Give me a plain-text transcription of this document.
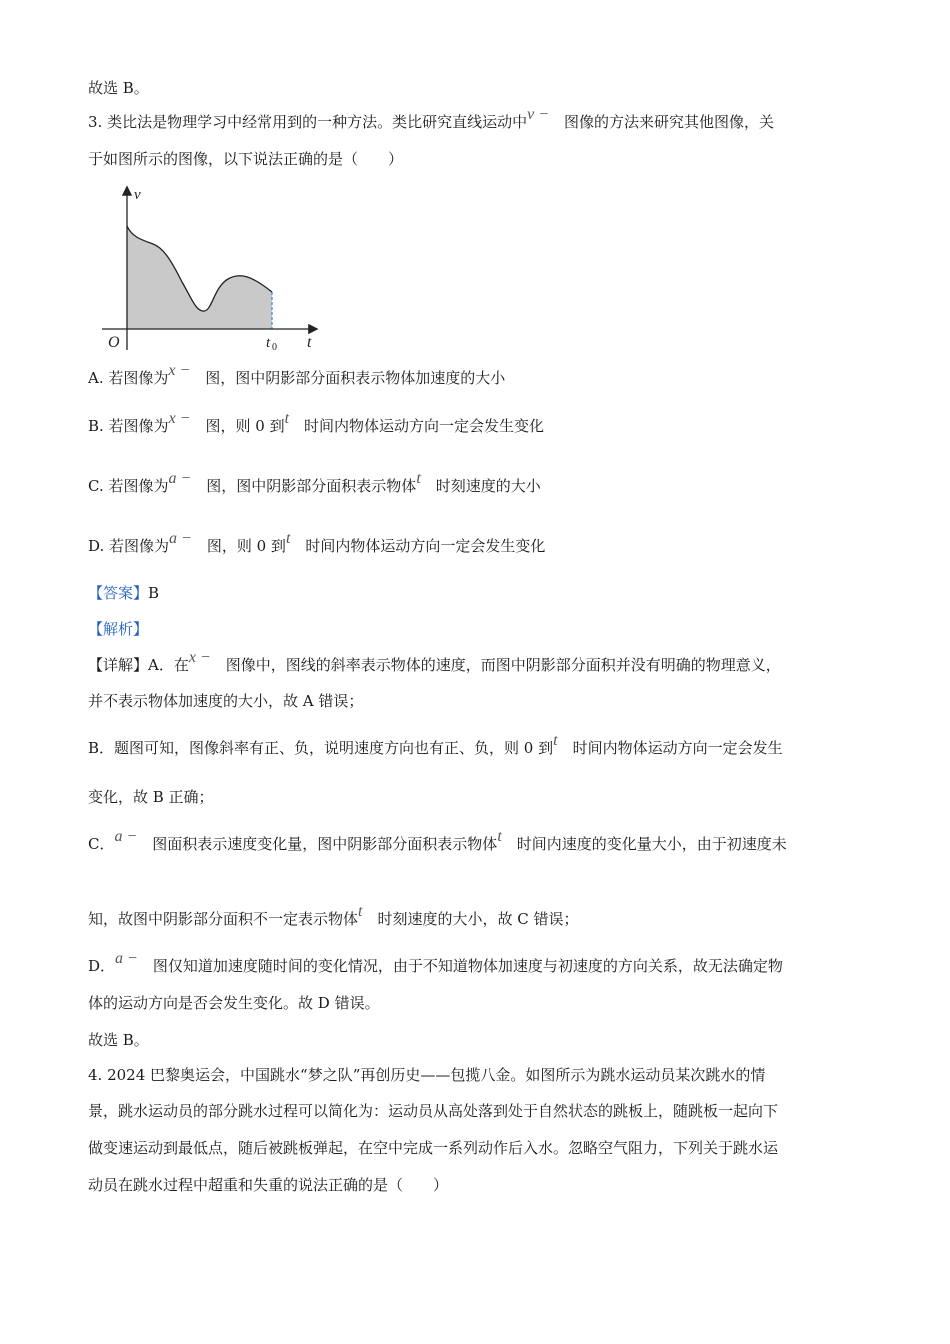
故选 B。
3. 类比法是物理学习中经常用到的一种方法。类比研究直线运动中v −　 图像的方法来研究其他图像，关
于如图所示的图像，以下说法正确的是（　　）
v
O	t
t 0
A. 若图像为x −　 图，图中阴影部分面积表示物体加速度的大小
B. 若图像为x −　 图，则 0 到t　 时间内物体运动方向一定会发生变化
C. 若图像为a −　 图，图中阴影部分面积表示物体t　 时刻速度的大小
D. 若图像为a −　 图，则 0 到t　 时间内物体运动方向一定会发生变化
【答案】B
【解析】
【详解】A．在x −　 图像中，图线的斜率表示物体的速度，而图中阴影部分面积并没有明确的物理意义，
并不表示物体加速度的大小，故 A 错误；
B．题图可知，图像斜率有正、负，说明速度方向也有正、负，则 0 到t　 时间内物体运动方向一定会发生
变化，故 B 正确；
C．a −　 图面积表示速度变化量，图中阴影部分面积表示物体t　 时间内速度的变化量大小，由于初速度未
知，故图中阴影部分面积不一定表示物体t　 时刻速度的大小，故 C 错误；
D．a −　 图仅知道加速度随时间的变化情况，由于不知道物体加速度与初速度的方向关系，故无法确定物
体的运动方向是否会发生变化。故 D 错误。
故选 B。
4. 2024 巴黎奥运会，中国跳水“梦之队”再创历史——包揽八金。如图所示为跳水运动员某次跳水的情
景，跳水运动员的部分跳水过程可以简化为：运动员从高处落到处于自然状态的跳板上，随跳板一起向下
做变速运动到最低点，随后被跳板弹起，在空中完成一系列动作后入水。忽略空气阻力，下列关于跳水运
动员在跳水过程中超重和失重的说法正确的是（　　）
